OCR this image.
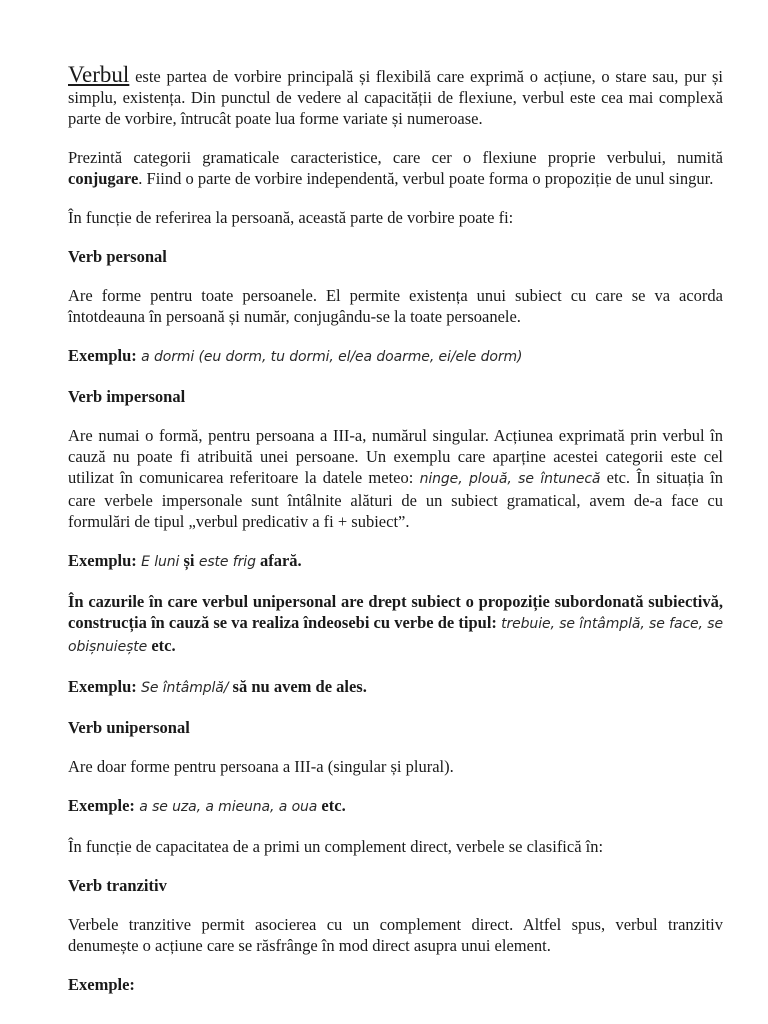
Verbul este partea de vorbire principală și flexibilă care exprimă o acțiune, o stare sau, pur și simplu, existența. Din punctul de vedere al capacității de flexiune, verbul este cea mai complexă parte de vorbire, întrucât poate lua forme variate și numeroase.

Prezintă categorii gramaticale caracteristice, care cer o flexiune proprie verbului, numită conjugare. Fiind o parte de vorbire independentă, verbul poate forma o propoziție de unul singur.

În funcție de referirea la persoană, această parte de vorbire poate fi:

Verb personal

Are forme pentru toate persoanele. El permite existența unui subiect cu care se va acorda întotdeauna în persoană și număr, conjugându-se la toate persoanele.

Exemplu: a dormi (eu dorm, tu dormi, el/ea doarme, ei/ele dorm)

Verb impersonal

Are numai o formă, pentru persoana a III-a, numărul singular. Acțiunea exprimată prin verbul în cauză nu poate fi atribuită unei persoane. Un exemplu care aparține acestei categorii este cel utilizat în comunicarea referitoare la datele meteo: ninge, plouă, se întunecă etc. În situația în care verbele impersonale sunt întâlnite alături de un subiect gramatical, avem de-a face cu formulări de tipul „verbul predicativ a fi + subiect”.

Exemplu: E luni și este frig afară.

În cazurile în care verbul unipersonal are drept subiect o propoziție subordonată subiectivă, construcția în cauză se va realiza îndeosebi cu verbe de tipul: trebuie, se întâmplă, se face, se obișnuiește etc.

Exemplu: Se întâmplă/ să nu avem de ales.

Verb unipersonal

Are doar forme pentru persoana a III-a (singular și plural).

Exemple: a se uza, a mieuna, a oua etc.

În funcție de capacitatea de a primi un complement direct, verbele se clasifică în:

Verb tranzitiv

Verbele tranzitive permit asocierea cu un complement direct. Altfel spus, verbul tranzitiv denumește o acțiune care se răsfrânge în mod direct asupra unui element.

Exemple:
